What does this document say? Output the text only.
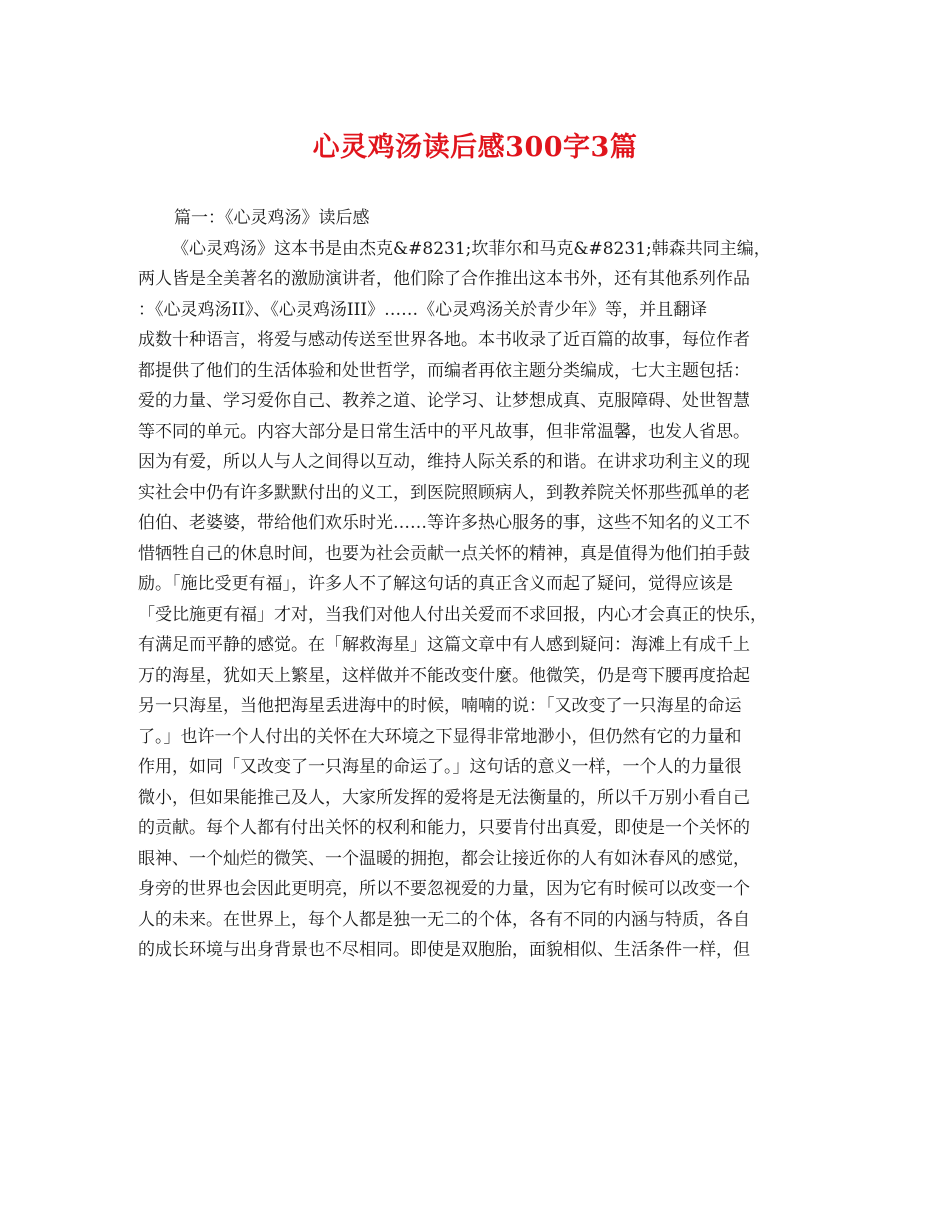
心灵鸡汤读后感300字3篇
篇一：《心灵鸡汤》读后感
《心灵鸡汤》这本书是由杰克&#8231;坎菲尔和马克&#8231;韩森共同主编，
两人皆是全美著名的激励演讲者，他们除了合作推出这本书外，还有其他系列作品
：《心灵鸡汤II》、《心灵鸡汤III》……《心灵鸡汤关於青少年》等，并且翻译
成数十种语言，将爱与感动传送至世界各地。本书收录了近百篇的故事，每位作者
都提供了他们的生活体验和处世哲学，而编者再依主题分类编成，七大主题包括：
爱的力量、学习爱你自己、教养之道、论学习、让梦想成真、克服障碍、处世智慧
等不同的单元。内容大部分是日常生活中的平凡故事，但非常温馨，也发人省思。
因为有爱，所以人与人之间得以互动，维持人际关系的和谐。在讲求功利主义的现
实社会中仍有许多默默付出的义工，到医院照顾病人，到教养院关怀那些孤单的老
伯伯、老婆婆，带给他们欢乐时光……等许多热心服务的事，这些不知名的义工不
惜牺牲自己的休息时间，也要为社会贡献一点关怀的精神，真是值得为他们拍手鼓
励。「施比受更有福」，许多人不了解这句话的真正含义而起了疑问，觉得应该是
「受比施更有福」才对，当我们对他人付出关爱而不求回报，内心才会真正的快乐，
有满足而平静的感觉。在「解救海星」这篇文章中有人感到疑问：海滩上有成千上
万的海星，犹如天上繁星，这样做并不能改变什麼。他微笑，仍是弯下腰再度拾起
另一只海星，当他把海星丢进海中的时候，喃喃的说：「又改变了一只海星的命运
了。」也许一个人付出的关怀在大环境之下显得非常地渺小，但仍然有它的力量和
作用，如同「又改变了一只海星的命运了。」这句话的意义一样，一个人的力量很
微小，但如果能推己及人，大家所发挥的爱将是无法衡量的，所以千万别小看自己
的贡献。每个人都有付出关怀的权利和能力，只要肯付出真爱，即使是一个关怀的
眼神、一个灿烂的微笑、一个温暖的拥抱，都会让接近你的人有如沐春风的感觉，
身旁的世界也会因此更明亮，所以不要忽视爱的力量，因为它有时候可以改变一个
人的未来。在世界上，每个人都是独一无二的个体，各有不同的内涵与特质，各自
的成长环境与出身背景也不尽相同。即使是双胞胎，面貌相似、生活条件一样，但
